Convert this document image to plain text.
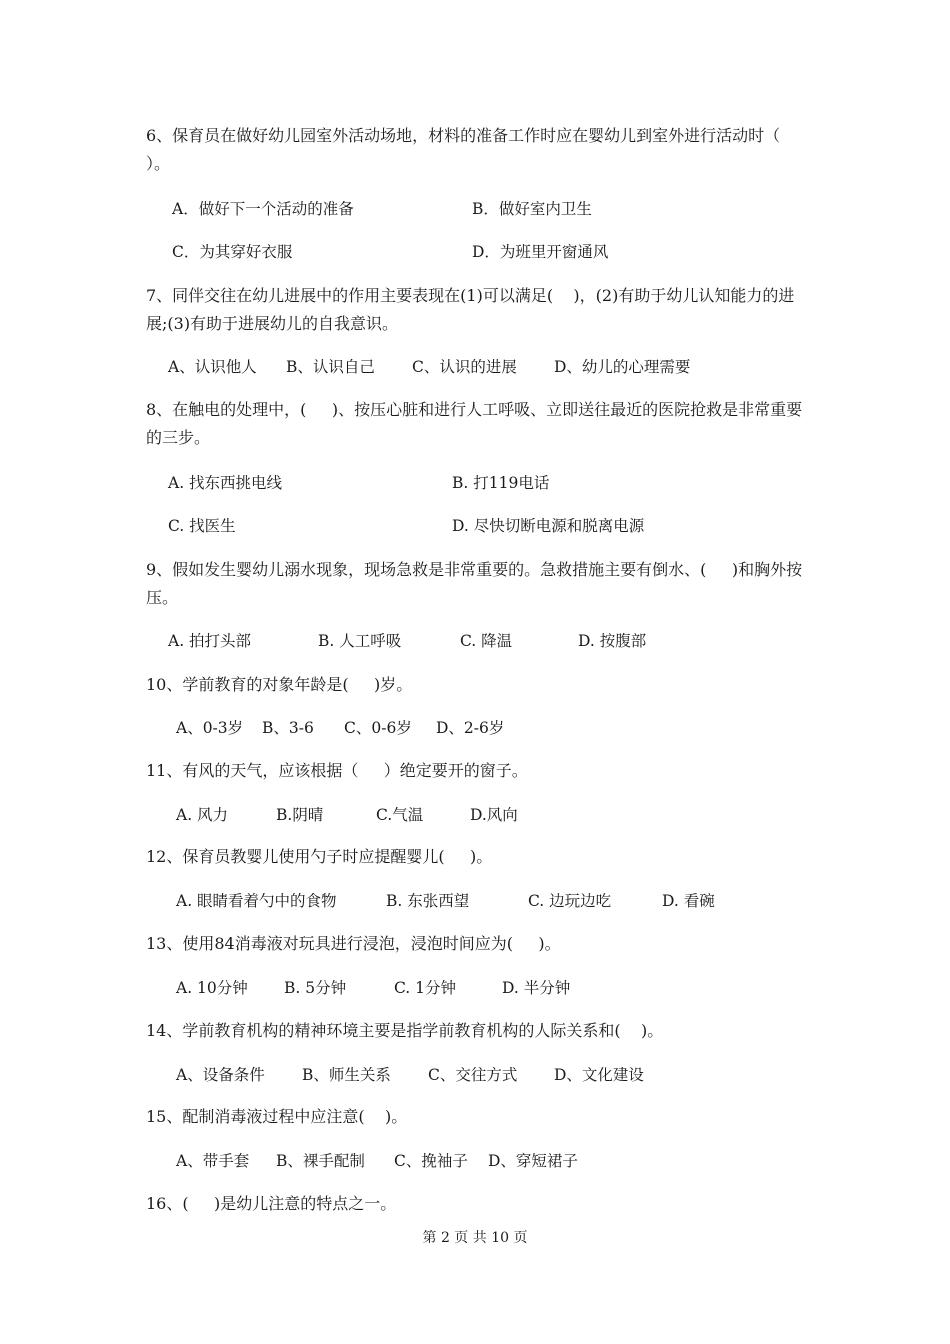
6、保育员在做好幼儿园室外活动场地，材料的准备工作时应在婴幼儿到室外进行活动时（   ）。

A．做好下一个活动的准备

	B．做好室内卫生

C．为其穿好衣服

	D．为班里开窗通风

7、同伴交往在幼儿进展中的作用主要表现在(1)可以满足(    )，(2)有助于幼儿认知能力的进展;(3)有助于进展幼儿的自我意识。

A、认识他人

B、认识自己

C、认识的进展

D、幼儿的心理需要

8、在触电的处理中，(     )、按压心脏和进行人工呼吸、立即送往最近的医院抢救是非常重要的三步。

A. 找东西挑电线

	B. 打119电话

C. 找医生

	D. 尽快切断电源和脱离电源

9、假如发生婴幼儿溺水现象，现场急救是非常重要的。急救措施主要有倒水、(     )和胸外按压。

A. 拍打头部

	B. 人工呼吸

	C. 降温

	D. 按腹部

10、学前教育的对象年龄是(     )岁。

A、0-3岁

B、3-6

C、0-6岁

D、2-6岁

11、有风的天气，应该根据（     ）绝定要开的窗子。

A. 风力

	B.阴晴

	C.气温

	D.风向

12、保育员教婴儿使用勺子时应提醒婴儿(     )。

A. 眼睛看着勺中的食物

	B. 东张西望

	C. 边玩边吃

	D. 看碗

13、使用84消毒液对玩具进行浸泡，浸泡时间应为(     )。

A. 10分钟

B. 5分钟

	C. 1分钟

	D. 半分钟

14、学前教育机构的精神环境主要是指学前教育机构的人际关系和(    )。

A、设备条件

B、师生关系

C、交往方式

D、文化建设

15、配制消毒液过程中应注意(    )。

A、带手套

B、裸手配制

C、挽袖子

D、穿短裙子

16、(     )是幼儿注意的特点之一。

第 2 页 共 10 页
